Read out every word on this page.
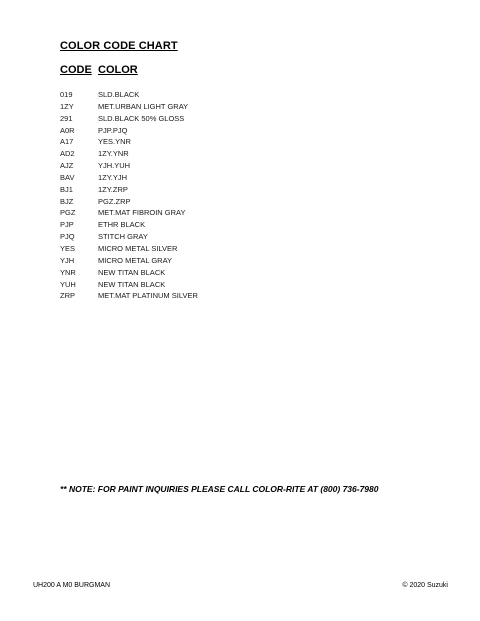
COLOR CODE CHART
CODE COLOR
019	SLD.BLACK
1ZY	MET.URBAN LIGHT GRAY
291	SLD.BLACK 50% GLOSS
A0R	PJP.PJQ
A17	YES.YNR
AD2	1ZY.YNR
AJZ	YJH.YUH
BAV	1ZY.YJH
BJ1	1ZY.ZRP
BJZ	PGZ.ZRP
PGZ	MET.MAT FIBROIN GRAY
PJP	ETHR BLACK
PJQ	STITCH GRAY
YES	MICRO METAL SILVER
YJH	MICRO METAL GRAY
YNR	NEW TITAN BLACK
YUH	NEW TITAN BLACK
ZRP	MET.MAT PLATINUM SILVER
** NOTE: FOR PAINT INQUIRIES PLEASE CALL COLOR-RITE AT (800) 736-7980
UH200 A M0 BURGMAN	© 2020 Suzuki
